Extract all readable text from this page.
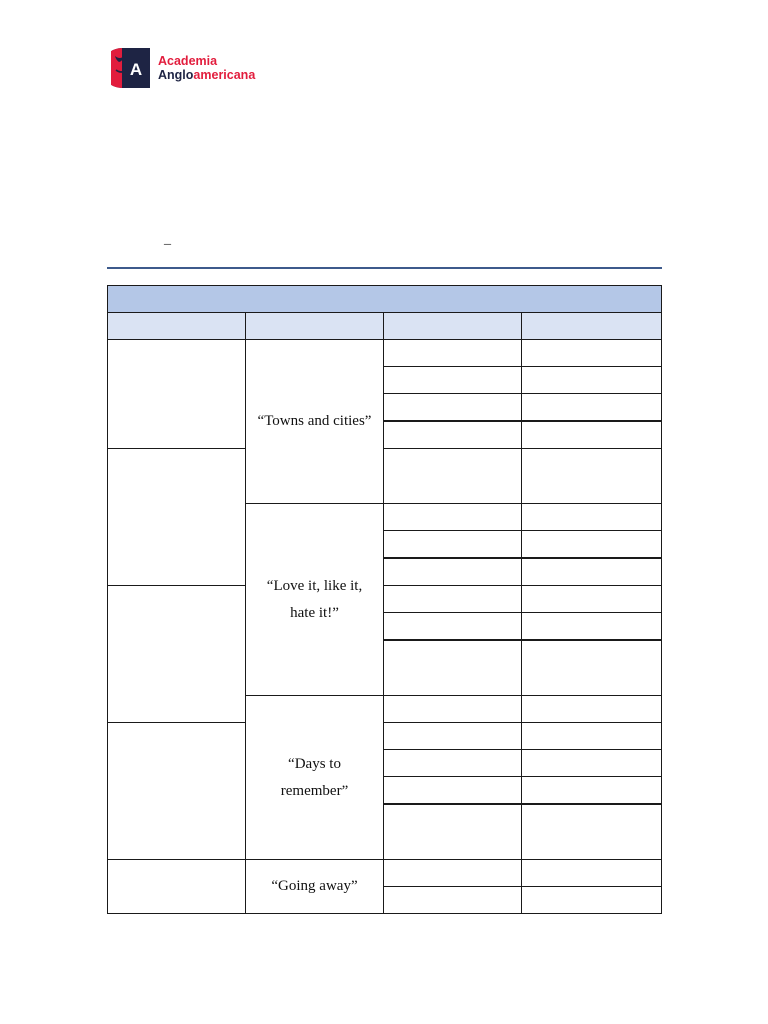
A Academia
Angloamericana
_
“Towns and cities”
“Love it, like it, hate it!”
“Days to remember”
“Going away”
